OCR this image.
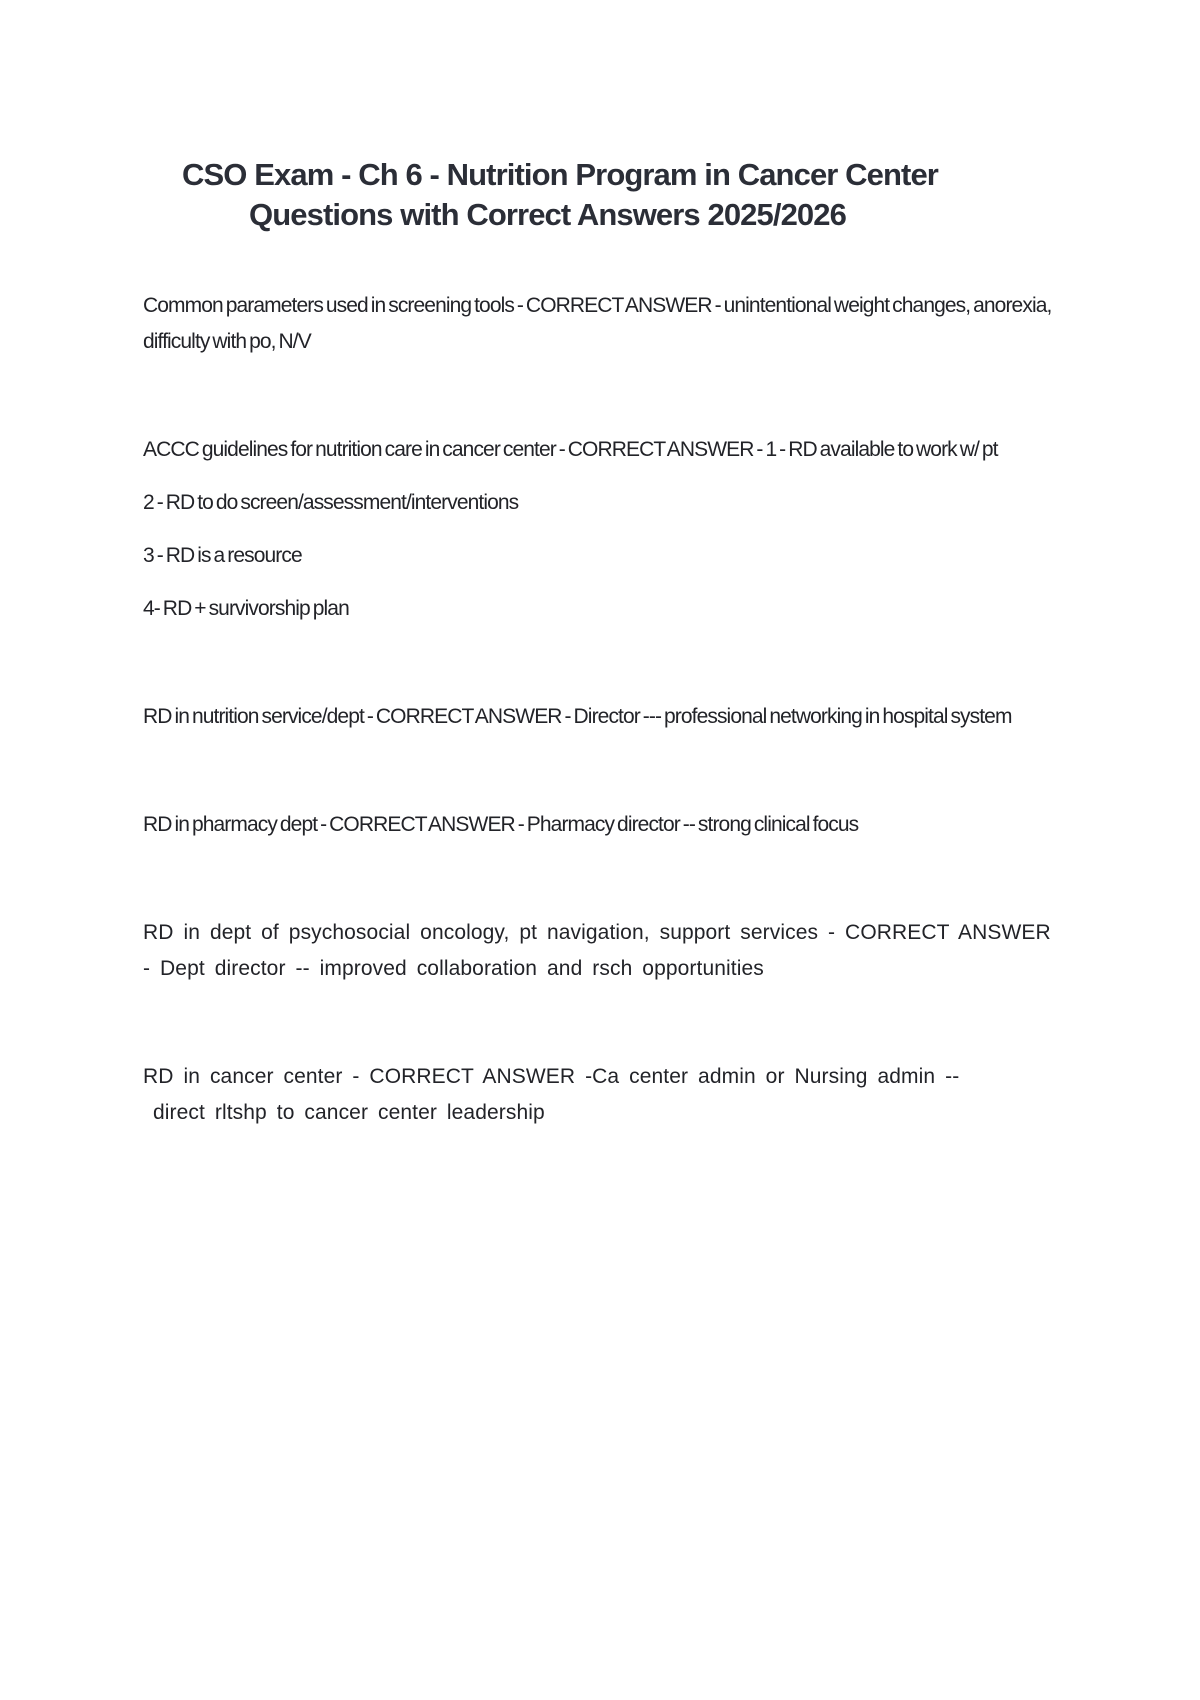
CSO Exam - Ch 6 - Nutrition Program in Cancer Center
Questions with Correct Answers 2025/2026

Common parameters used in screening tools - CORRECT ANSWER - unintentional weight changes, anorexia, difficulty with po, N/V

ACCC guidelines for nutrition care in cancer center - CORRECT ANSWER - 1 - RD available to work w/ pt

2 - RD to do screen/assessment/interventions
3 - RD is a resource
4- RD + survivorship plan

RD in nutrition service/dept - CORRECT ANSWER - Director --- professional networking in hospital system

RD in pharmacy dept - CORRECT ANSWER - Pharmacy director -- strong clinical focus

RD in dept of psychosocial oncology, pt navigation, support services - CORRECT ANSWER - Dept director -- improved collaboration and rsch opportunities

RD in cancer center - CORRECT ANSWER -Ca center admin or Nursing admin --
direct rltshp to cancer center leadership
